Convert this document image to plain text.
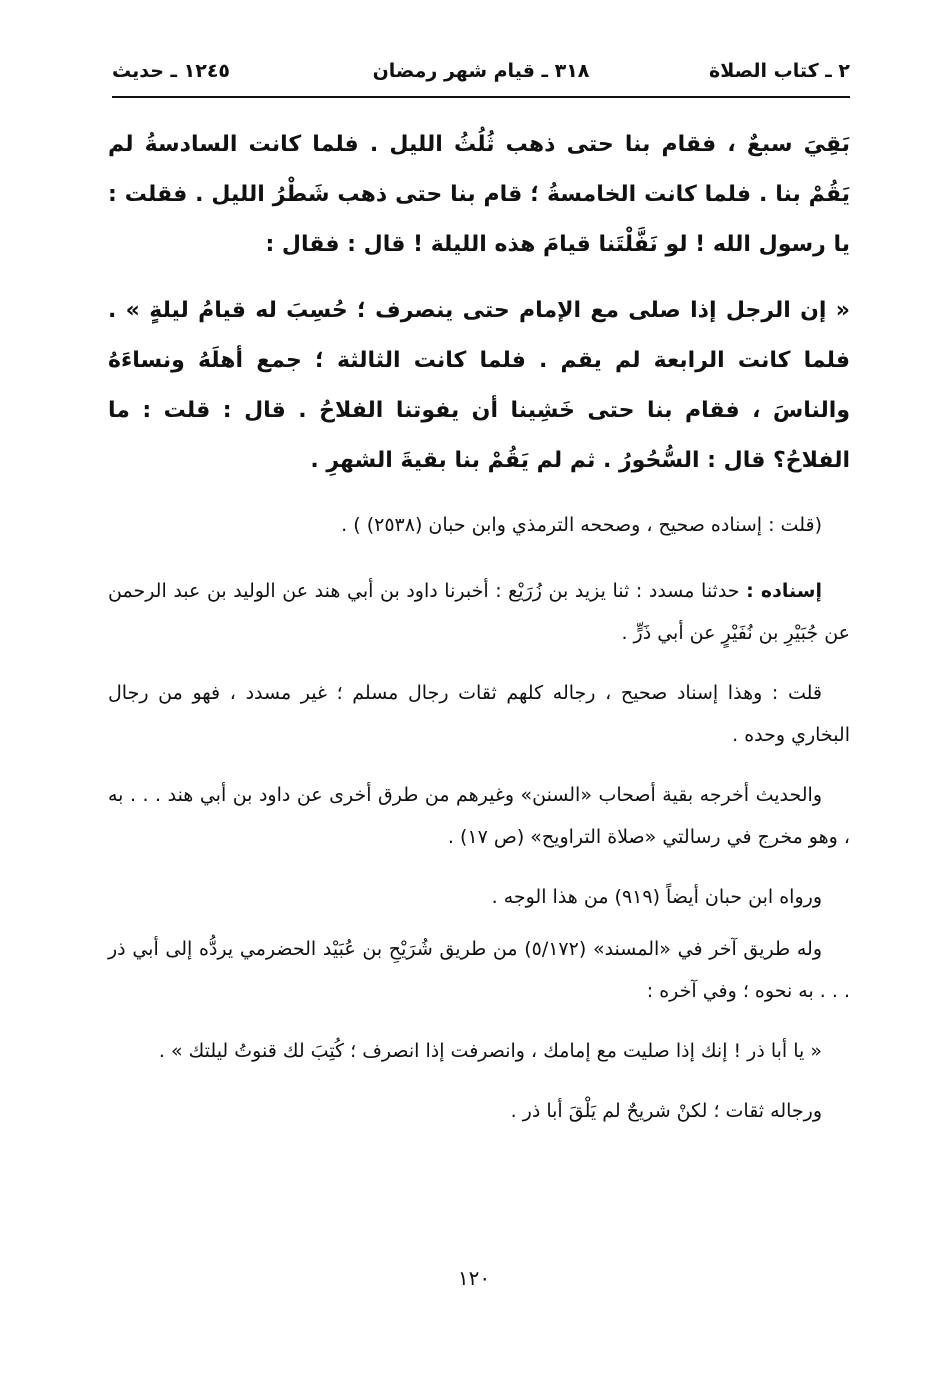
٢ ـ كتاب الصلاة
٣١٨ ـ قيام شهر رمضان
١٢٤٥ ـ حديث

بَقِيَ سبعٌ ، فقام بنا حتى ذهب ثُلُثُ الليل . فلما كانت السادسةُ لم يَقُمْ بنا . فلما كانت الخامسةُ ؛ قام بنا حتى ذهب شَطْرُ الليل . فقلت : يا رسول الله ! لو نَفَّلْتَنا قيامَ هذه الليلة ! قال : فقال :

« إن الرجل إذا صلى مع الإمام حتى ينصرف ؛ حُسِبَ له قيامُ ليلةٍ » . فلما كانت الرابعة لم يقم . فلما كانت الثالثة ؛ جمع أهلَهُ ونساءَهُ والناسَ ، فقام بنا حتى خَشِينا أن يفوتنا الفلاحُ . قال : قلت : ما الفلاحُ؟ قال : السُّحُورُ . ثم لم يَقُمْ بنا بقيةَ الشهرِ .

(قلت : إسناده صحيح ، وصححه الترمذي وابن حبان (٢٥٣٨) ) .

إسناده : حدثنا مسدد : ثنا يزيد بن زُرَيْع : أخبرنا داود بن أبي هند عن الوليد بن عبد الرحمن عن جُبَيْرِ بن نُفَيْرٍ عن أبي ذَرٍّ .

قلت : وهذا إسناد صحيح ، رجاله كلهم ثقات رجال مسلم ؛ غير مسدد ، فهو من رجال البخاري وحده .

والحديث أخرجه بقية أصحاب «السنن» وغيرهم من طرق أخرى عن داود بن أبي هند . . . به ، وهو مخرج في رسالتي «صلاة التراويح» (ص ١٧) .

ورواه ابن حبان أيضاً (٩١٩) من هذا الوجه .

وله طريق آخر في «المسند» (٥/١٧٢) من طريق شُرَيْحِ بن عُبَيْد الحضرمي يردُّه إلى أبي ذر . . . به نحوه ؛ وفي آخره :

« يا أبا ذر ! إنك إذا صليت مع إمامك ، وانصرفت إذا انصرف ؛ كُتِبَ لك قنوتُ ليلتك » .

ورجاله ثقات ؛ لكنْ شريحٌ لم يَلْقَ أبا ذر .

١٢٠
